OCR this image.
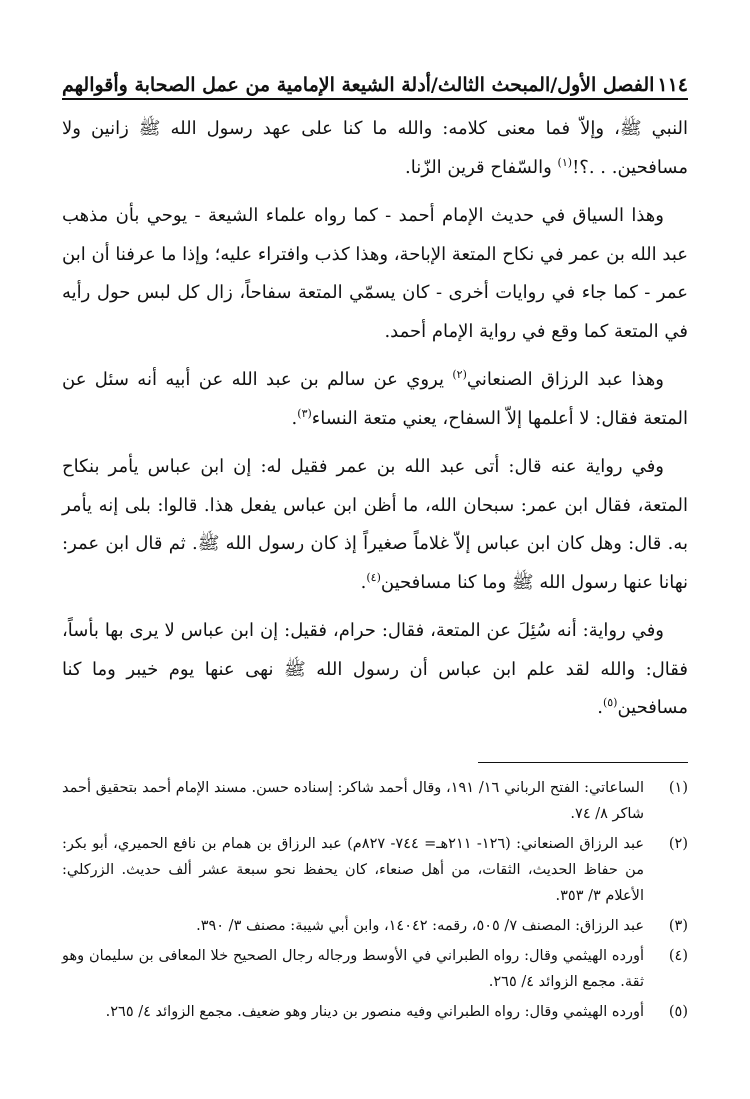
١١٤
الفصل الأول/المبحث الثالث/أدلة الشيعة الإمامية من عمل الصحابة وأقوالهم

النبي ﷺ، وإلاّ فما معنى كلامه: والله ما كنا على عهد رسول الله ﷺ زانين ولا مسافحين. . .؟!$^{(١)}$ والسّفاح قرين الزّنا.

وهذا السياق في حديث الإمام أحمد - كما رواه علماء الشيعة - يوحي بأن مذهب عبد الله بن عمر في نكاح المتعة الإباحة، وهذا كذب وافتراء عليه؛ وإذا ما عرفنا أن ابن عمر - كما جاء في روايات أخرى - كان يسمّي المتعة سفاحاً، زال كل لبس حول رأيه في المتعة كما وقع في رواية الإمام أحمد.

وهذا عبد الرزاق الصنعاني$^{(٢)}$ يروي عن سالم بن عبد الله عن أبيه أنه سئل عن المتعة فقال: لا أعلمها إلاّ السفاح، يعني متعة النساء$^{(٣)}$.

وفي رواية عنه قال: أتى عبد الله بن عمر فقيل له: إن ابن عباس يأمر بنكاح المتعة، فقال ابن عمر: سبحان الله، ما أظن ابن عباس يفعل هذا. قالوا: بلى إنه يأمر به. قال: وهل كان ابن عباس إلاّ غلاماً صغيراً إذ كان رسول الله ﷺ. ثم قال ابن عمر: نهانا عنها رسول الله ﷺ وما كنا مسافحين$^{(٤)}$.

وفي رواية: أنه سُئِلَ عن المتعة، فقال: حرام، فقيل: إن ابن عباس لا يرى بها بأساً، فقال: والله لقد علم ابن عباس أن رسول الله ﷺ نهى عنها يوم خيبر وما كنا مسافحين$^{(٥)}$.

(١)
الساعاتي: الفتح الرباني ١٦/ ١٩١، وقال أحمد شاكر: إسناده حسن. مسند الإمام أحمد بتحقيق أحمد شاكر ٨/ ٧٤.
(٢)
عبد الرزاق الصنعاني: (١٢٦- ٢١١هـ= ٧٤٤- ٨٢٧م) عبد الرزاق بن همام بن نافع الحميري، أبو بكر: من حفاظ الحديث، الثقات، من أهل صنعاء، كان يحفظ نحو سبعة عشر ألف حديث. الزركلي: الأعلام ٣/ ٣٥٣.
(٣)
عبد الرزاق: المصنف ٧/ ٥٠٥، رقمه: ١٤٠٤٢، وابن أبي شيبة: مصنف ٣/ ٣٩٠.
(٤)
أورده الهيثمي وقال: رواه الطبراني في الأوسط ورجاله رجال الصحيح خلا المعافى بن سليمان وهو ثقة. مجمع الزوائد ٤/ ٢٦٥.
(٥)
أورده الهيثمي وقال: رواه الطبراني وفيه منصور بن دينار وهو ضعيف. مجمع الزوائد ٤/ ٢٦٥.
